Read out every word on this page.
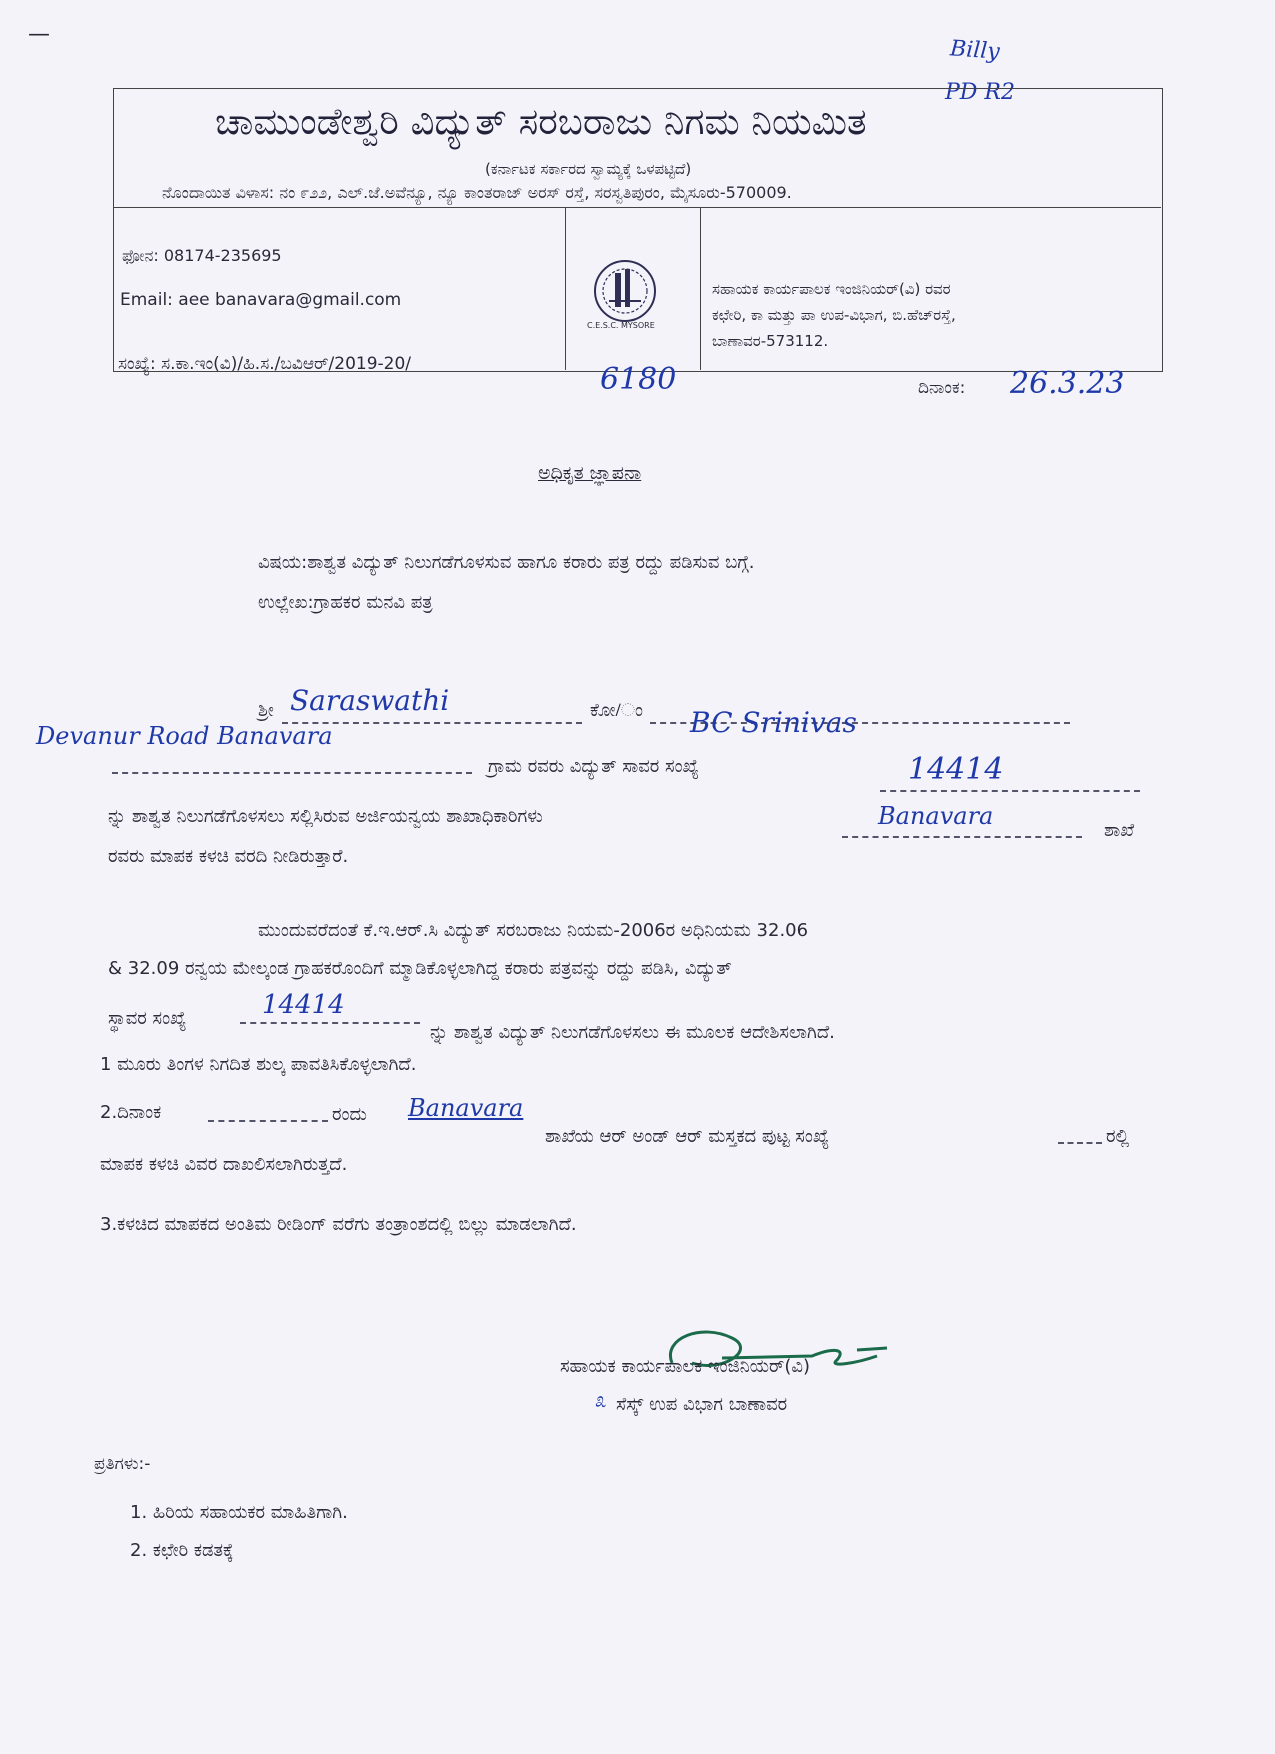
—
Billy
PD R2
ಚಾಮುಂಡೇಶ್ವರಿ ವಿದ್ಯುತ್ ಸರಬರಾಜು ನಿಗಮ ನಿಯಮಿತ
(ಕರ್ನಾಟಕ ಸರ್ಕಾರದ ಸ್ವಾಮ್ಯಕ್ಕೆ ಒಳಪಟ್ಟಿದೆ)
ನೊಂದಾಯಿತ ವಿಳಾಸ: ನಂ ೯೨೨, ಎಲ್.ಜೆ.ಅವೆನ್ಯೂ, ನ್ಯೂ ಕಾಂತರಾಜ್ ಅರಸ್ ರಸ್ತೆ, ಸರಸ್ವತಿಪುರಂ, ಮೈಸೂರು-570009.
ಫೋನ: 08174-235695
Email: aee banavara@gmail.com
C.E.S.C. MYSORE
ಸಹಾಯಕ ಕಾರ್ಯಪಾಲಕ ಇಂಜಿನಿಯರ್(ವಿ) ರವರ
ಕಛೇರಿ, ಕಾ ಮತ್ತು ಪಾ ಉಪ-ವಿಭಾಗ, ಬಿ.ಹೆಚ್‌ರಸ್ತೆ,
ಬಾಣಾವರ-573112.
ಸಂಖ್ಯೆ: ಸ.ಕಾ.ಇಂ(ವಿ)/ಹಿ.ಸ./ಬವಿಆರ್/2019-20/	6180	ದಿನಾಂಕ: 26.3.23
ಅಧಿಕೃತ ಜ್ಞಾಪನಾ
ವಿಷಯ:ಶಾಶ್ವತ ವಿದ್ಯುತ್ ನಿಲುಗಡೆಗೂಳಸುವ ಹಾಗೂ ಕರಾರು ಪತ್ರ ರದ್ದು ಪಡಿಸುವ ಬಗ್ಗೆ.
ಉಲ್ಲೇಖ:ಗ್ರಾಹಕರ ಮನವಿ ಪತ್ರ
ಶ್ರೀ Saraswathi	ಕೋ/ಂ BC Srinivas
Devanur Road Banavara
ಗ್ರಾಮ ರವರು ವಿದ್ಯುತ್ ಸಾವರ ಸಂಖ್ಯೆ	14414
ನ್ನು ಶಾಶ್ವತ ನಿಲುಗಡೆಗೊಳಸಲು ಸಲ್ಲಿಸಿರುವ ಅರ್ಜಿಯನ್ವಯ ಶಾಖಾಧಿಕಾರಿಗಳು	Banavara
ಶಾಖೆ
ರವರು ಮಾಪಕ ಕಳಚಿ ವರದಿ ನೀಡಿರುತ್ತಾರೆ.
ಮುಂದುವರೆದಂತೆ ಕೆ.ಇ.ಆರ್.ಸಿ ವಿದ್ಯುತ್ ಸರಬರಾಜು ನಿಯಮ-2006ರ ಅಧಿನಿಯಮ 32.06
& 32.09 ರನ್ವಯ ಮೇಲ್ಕಂಡ ಗ್ರಾಹಕರೊಂದಿಗೆ ಮ್ಮಾಡಿಕೊಳ್ಳಲಾಗಿದ್ದ ಕರಾರು ಪತ್ರವನ್ನು ರದ್ದು ಪಡಿಸಿ, ವಿದ್ಯುತ್
ಸ್ಥಾವರ ಸಂಖ್ಯೆ	14414
ನ್ನು ಶಾಶ್ವತ ವಿದ್ಯುತ್ ನಿಲುಗಡೆಗೊಳಸಲು ಈ ಮೂಲಕ ಆದೇಶಿಸಲಾಗಿದೆ.
1 ಮೂರು ತಿಂಗಳ ನಿಗದಿತ ಶುಲ್ಕ ಪಾವತಿಸಿಕೊಳ್ಳಲಾಗಿದೆ.
2.ದಿನಾಂಕ	ರಂದು Banavara
ಶಾಖೆಯ ಆರ್ ಅಂಡ್ ಆರ್ ಮಸ್ತಕದ ಪುಟ್ಟ ಸಂಖ್ಯೆ	ರಲ್ಲಿ
ಮಾಪಕ ಕಳಚಿ ವಿವರ ದಾಖಲಿಸಲಾಗಿರುತ್ತದೆ.
3.ಕಳಚಿದ ಮಾಪಕದ ಅಂತಿಮ ರೀಡಿಂಗ್ ವರೆಗು ತಂತ್ರಾಂಶದಲ್ಲಿ ಬಿಲ್ಲು ಮಾಡಲಾಗಿದೆ.
ಸಹಾಯಕ ಕಾರ್ಯಪಾಲಕ ಇಂಜಿನಿಯರ್(ವಿ)
೩ ಸೆಸ್ಕ್ ಉಪ ವಿಭಾಗ ಬಾಣಾವರ
ಪ್ರತಿಗಳು:-
1. ಹಿರಿಯ ಸಹಾಯಕರ ಮಾಹಿತಿಗಾಗಿ.
2. ಕಛೇರಿ ಕಡತಕ್ಕೆ
